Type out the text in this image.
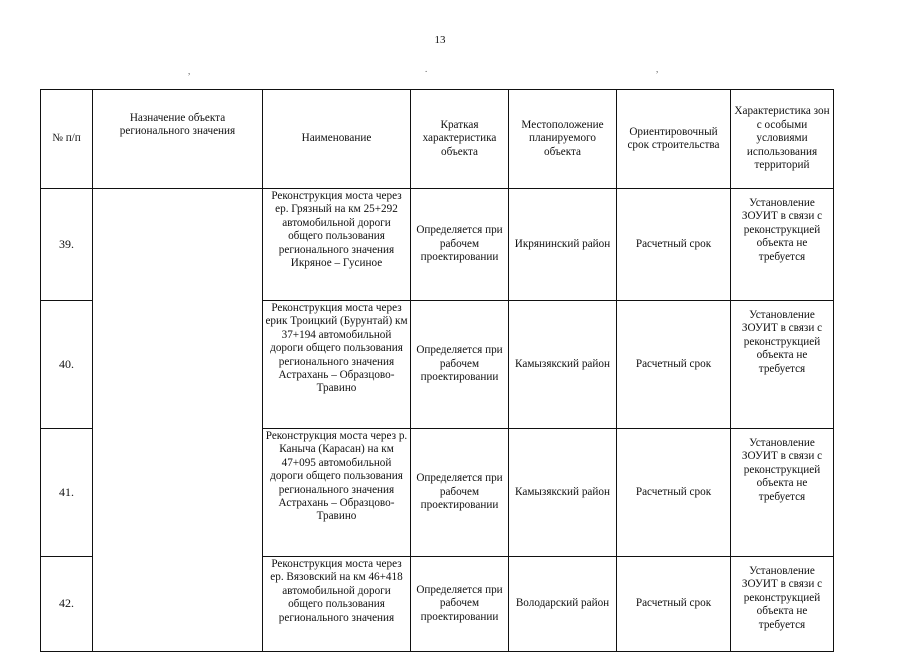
13
,	.	,
№ п/п	Назначение объекта регионального значения	Наименование	Краткая характеристика объекта	Местоположение планируемого объекта	Ориентировочный срок строительства	Характеристика зон с особыми условиями использования территорий
39.		Реконструкция моста через ер. Грязный на км 25+292 автомобильной дороги общего пользования регионального значения Икряное – Гусиное	Определяется при рабочем проектировании	Икрянинский район	Расчетный срок	Установление ЗОУИТ в связи с реконструкцией объекта не требуется
40.		Реконструкция моста через ерик Троицкий (Бурунтай) км 37+194 автомобильной дороги общего пользования регионального значения Астрахань – Образцово-Травино	Определяется при рабочем проектировании	Камызякский район	Расчетный срок	Установление ЗОУИТ в связи с реконструкцией объекта не требуется
41.		Реконструкция моста через р. Каныча (Карасан) на км 47+095 автомобильной дороги общего пользования регионального значения Астрахань – Образцово-Травино	Определяется при рабочем проектировании	Камызякский район	Расчетный срок	Установление ЗОУИТ в связи с реконструкцией объекта не требуется
42.		Реконструкция моста через ер. Вязовский на км 46+418 автомобильной дороги общего пользования регионального значения	Определяется при рабочем проектировании	Володарский район	Расчетный срок	Установление ЗОУИТ в связи с реконструкцией объекта не требуется
